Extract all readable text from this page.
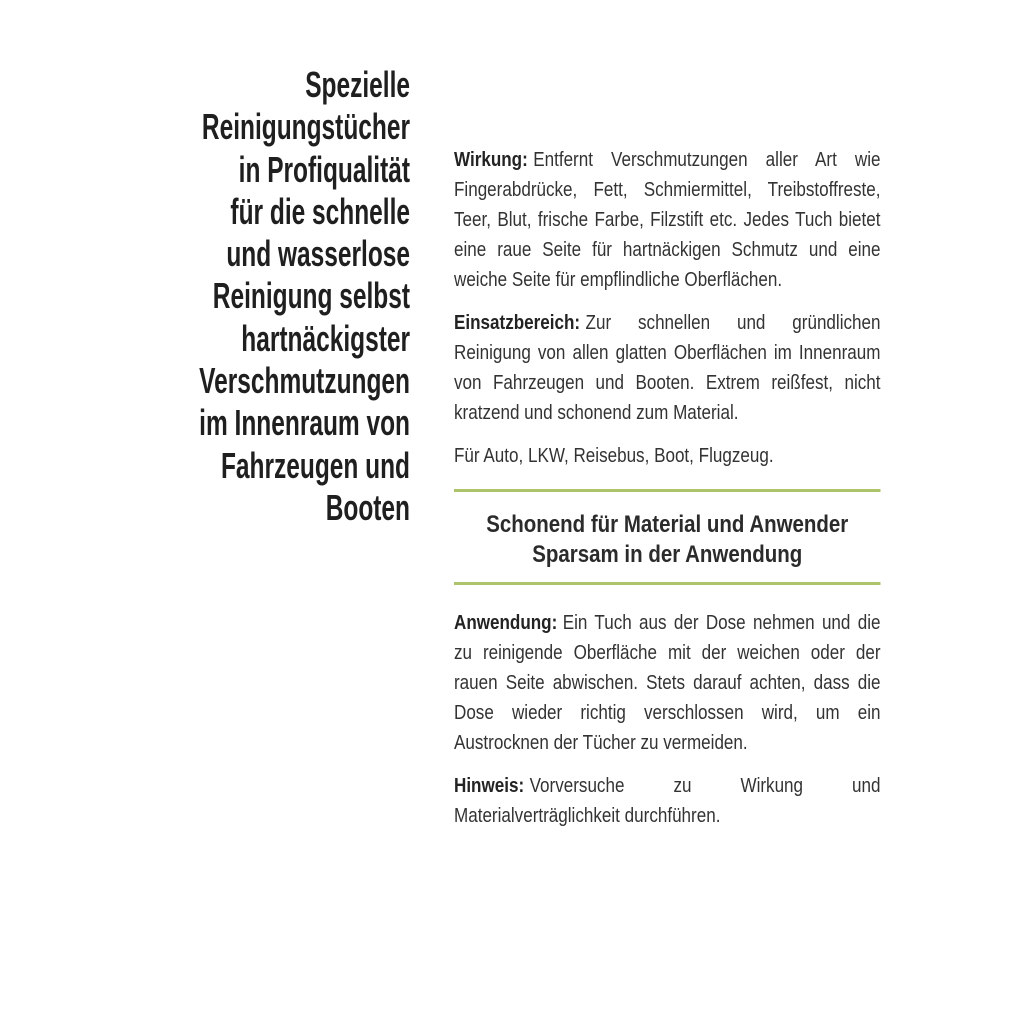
Spezielle
Reinigungstücher
in Profiqualität
für die schnelle
und wasserlose
Reinigung selbst
hartnäckigster
Verschmutzungen
im Innenraum von
Fahrzeugen und
Booten

Wirkung: Entfernt Verschmutzungen aller Art wie Fingerabdrücke, Fett, Schmiermittel, Treibstoffreste, Teer, Blut, frische Farbe, Filzstift etc. Jedes Tuch bietet eine raue Seite für hartnäckigen Schmutz und eine weiche Seite für empflindliche Oberflächen.

Einsatzbereich: Zur schnellen und gründlichen Reinigung von allen glatten Oberflächen im Innenraum von Fahrzeugen und Booten. Extrem reißfest, nicht kratzend und schonend zum Material.

Für Auto, LKW, Reisebus, Boot, Flugzeug.

Schonend für Material und Anwender
Sparsam in der Anwendung

Anwendung: Ein Tuch aus der Dose nehmen und die zu reinigende Oberfläche mit der weichen oder der rauen Seite abwischen. Stets darauf achten, dass die Dose wieder richtig verschlossen wird, um ein Austrocknen der Tücher zu vermeiden.

Hinweis: Vorversuche zu Wirkung und Materialverträglichkeit durchführen.
